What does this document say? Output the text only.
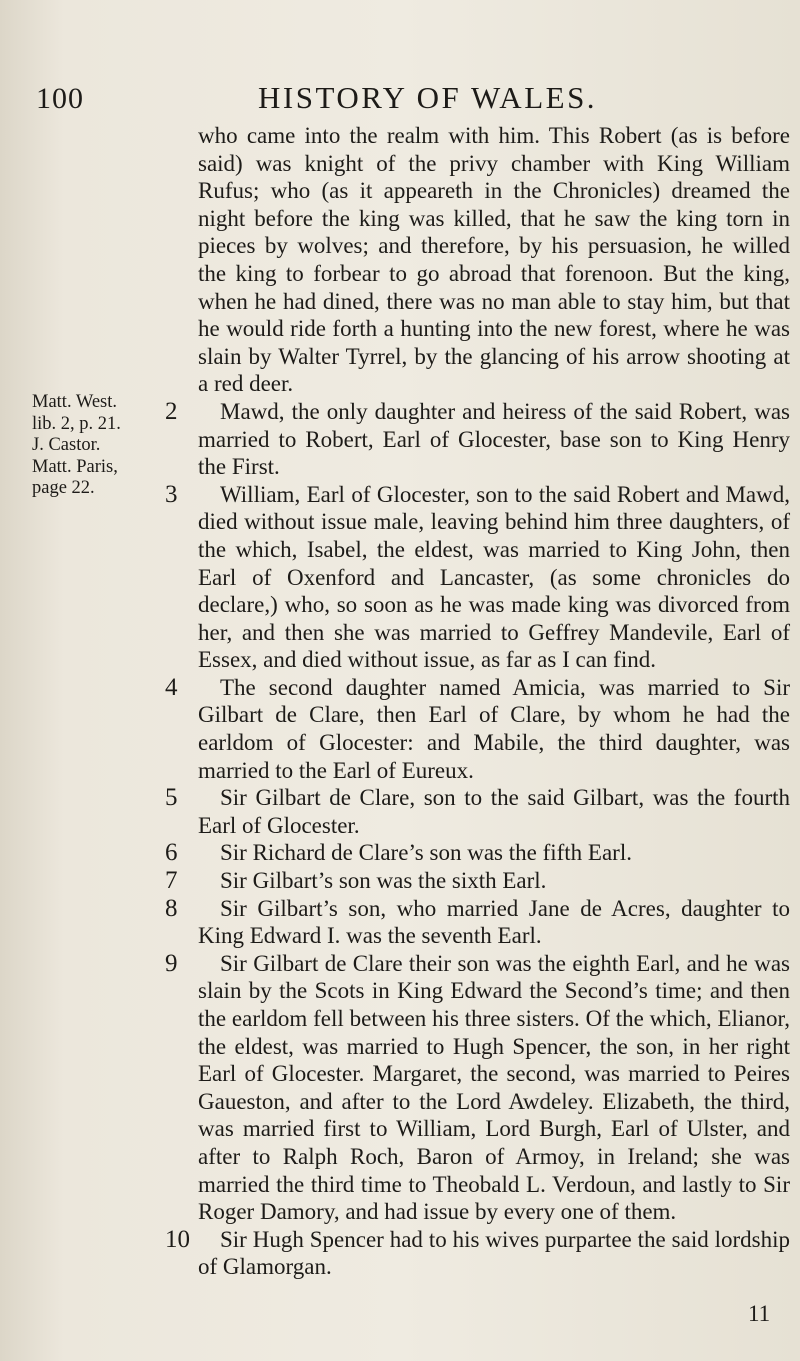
100	HISTORY OF WALES.
Matt. West.
lib. 2, p. 21.
J. Castor.
Matt. Paris,
page 22.

who came into the realm with him. This Robert (as is before said) was knight of the privy chamber with King William Rufus; who (as it appeareth in the Chronicles) dreamed the night before the king was killed, that he saw the king torn in pieces by wolves; and therefore, by his persuasion, he willed the king to forbear to go abroad that forenoon. But the king, when he had dined, there was no man able to stay him, but that he would ride forth a hunting into the new forest, where he was slain by Walter Tyrrel, by the glancing of his arrow shooting at a red deer.

2 Mawd, the only daughter and heiress of the said Robert, was married to Robert, Earl of Glocester, base son to King Henry the First.

3 William, Earl of Glocester, son to the said Robert and Mawd, died without issue male, leaving behind him three daughters, of the which, Isabel, the eldest, was married to King John, then Earl of Oxenford and Lancaster, (as some chronicles do declare,) who, so soon as he was made king was divorced from her, and then she was married to Geffrey Mandevile, Earl of Essex, and died without issue, as far as I can find.

4 The second daughter named Amicia, was married to Sir Gilbart de Clare, then Earl of Clare, by whom he had the earldom of Glocester: and Mabile, the third daughter, was married to the Earl of Eureux.

5 Sir Gilbart de Clare, son to the said Gilbart, was the fourth Earl of Glocester.

6 Sir Richard de Clare’s son was the fifth Earl.

7 Sir Gilbart’s son was the sixth Earl.

8 Sir Gilbart’s son, who married Jane de Acres, daughter to King Edward I. was the seventh Earl.

9 Sir Gilbart de Clare their son was the eighth Earl, and he was slain by the Scots in King Edward the Second’s time; and then the earldom fell between his three sisters. Of the which, Elianor, the eldest, was married to Hugh Spencer, the son, in her right Earl of Glocester. Margaret, the second, was married to Peires Gaueston, and after to the Lord Awdeley. Elizabeth, the third, was married first to William, Lord Burgh, Earl of Ulster, and after to Ralph Roch, Baron of Armoy, in Ireland; she was married the third time to Theobald L. Verdoun, and lastly to Sir Roger Damory, and had issue by every one of them.

10 Sir Hugh Spencer had to his wives purpartee the said lordship of Glamorgan.

11
